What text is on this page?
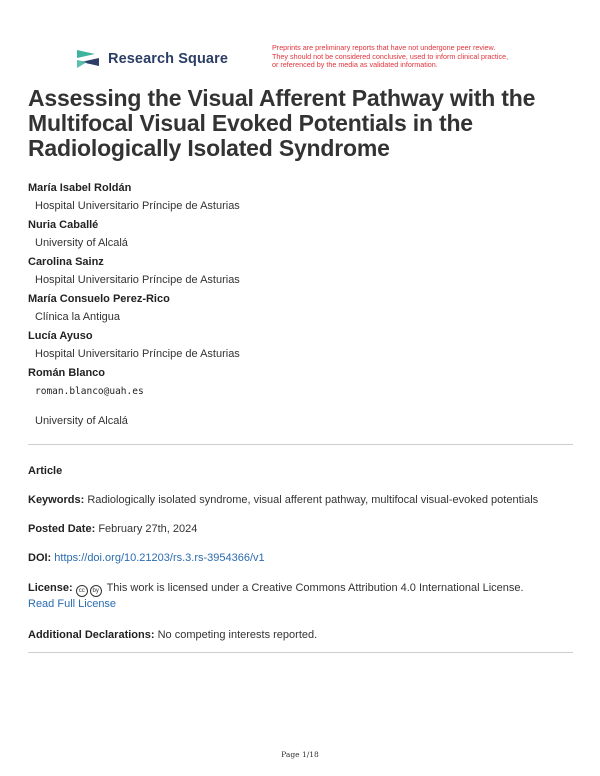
Research Square
Preprints are preliminary reports that have not undergone peer review.
They should not be considered conclusive, used to inform clinical practice,
or referenced by the media as validated information.
Assessing the Visual Afferent Pathway with the Multifocal Visual Evoked Potentials in the Radiologically Isolated Syndrome
María Isabel Roldán
Hospital Universitario Príncipe de Asturias
Nuria Caballé
University of Alcalá
Carolina Sainz
Hospital Universitario Príncipe de Asturias
María Consuelo Perez-Rico
Clínica la Antigua
Lucía Ayuso
Hospital Universitario Príncipe de Asturias
Román Blanco
roman.blanco@uah.es
University of Alcalá
Article
Keywords: Radiologically isolated syndrome, visual afferent pathway, multifocal visual-evoked potentials
Posted Date: February 27th, 2024
DOI: https://doi.org/10.21203/rs.3.rs-3954366/v1
License: cc by This work is licensed under a Creative Commons Attribution 4.0 International License.
Read Full License
Additional Declarations: No competing interests reported.
Page 1/18
